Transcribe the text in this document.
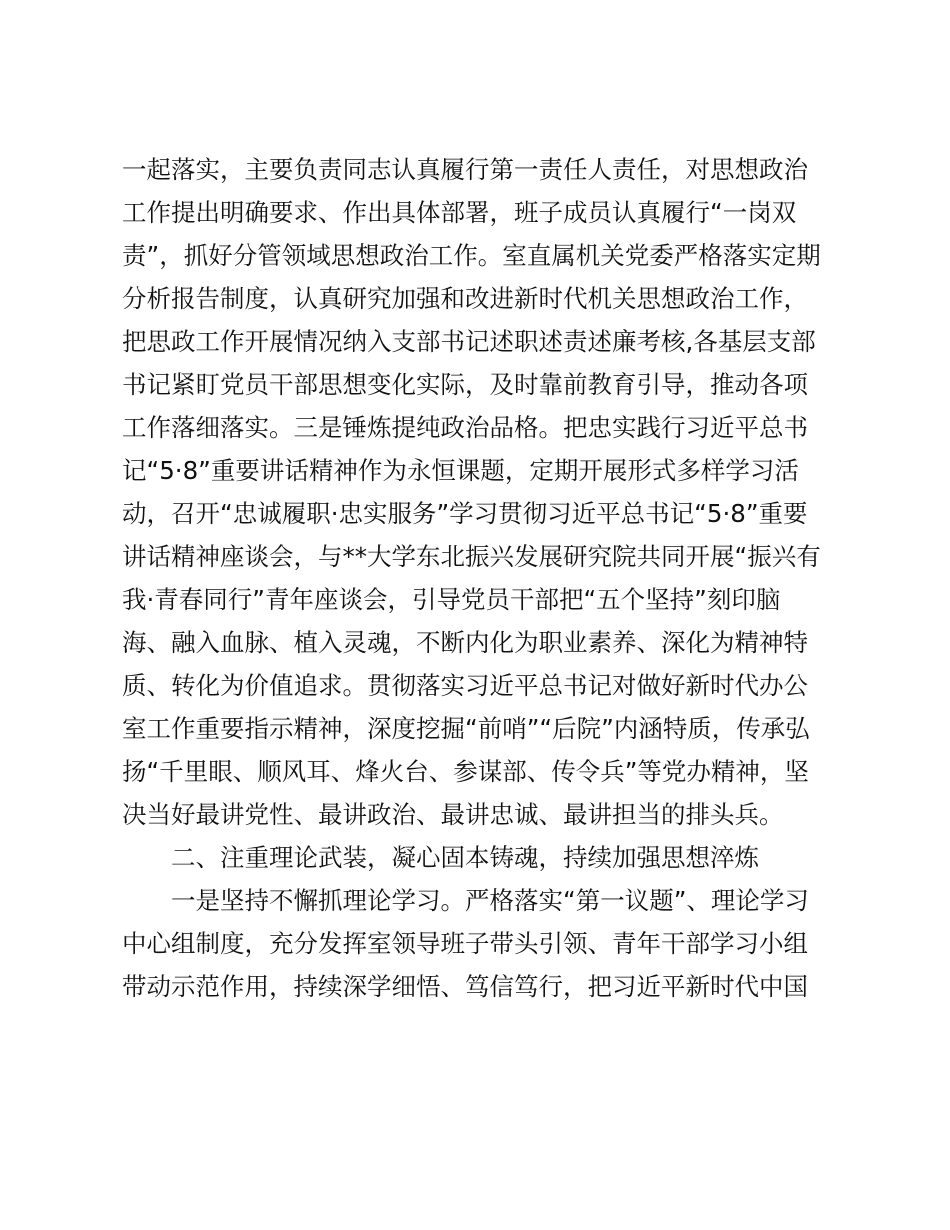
一起落实，主要负责同志认真履行第一责任人责任，对思想政治
工作提出明确要求、作出具体部署，班子成员认真履行“一岗双
责”，抓好分管领域思想政治工作。室直属机关党委严格落实定期
分析报告制度，认真研究加强和改进新时代机关思想政治工作，
把思政工作开展情况纳入支部书记述职述责述廉考核,各基层支部
书记紧盯党员干部思想变化实际，及时靠前教育引导，推动各项
工作落细落实。三是锤炼提纯政治品格。把忠实践行习近平总书
记“5·8”重要讲话精神作为永恒课题，定期开展形式多样学习活
动，召开“忠诚履职·忠实服务”学习贯彻习近平总书记“5·8”重要
讲话精神座谈会，与**大学东北振兴发展研究院共同开展“振兴有
我·青春同行”青年座谈会，引导党员干部把“五个坚持”刻印脑
海、融入血脉、植入灵魂，不断内化为职业素养、深化为精神特
质、转化为价值追求。贯彻落实习近平总书记对做好新时代办公
室工作重要指示精神，深度挖掘“前哨”“后院”内涵特质，传承弘
扬“千里眼、顺风耳、烽火台、参谋部、传令兵”等党办精神，坚
决当好最讲党性、最讲政治、最讲忠诚、最讲担当的排头兵。
二、注重理论武装，凝心固本铸魂，持续加强思想淬炼
一是坚持不懈抓理论学习。严格落实“第一议题”、理论学习
中心组制度，充分发挥室领导班子带头引领、青年干部学习小组
带动示范作用，持续深学细悟、笃信笃行，把习近平新时代中国
